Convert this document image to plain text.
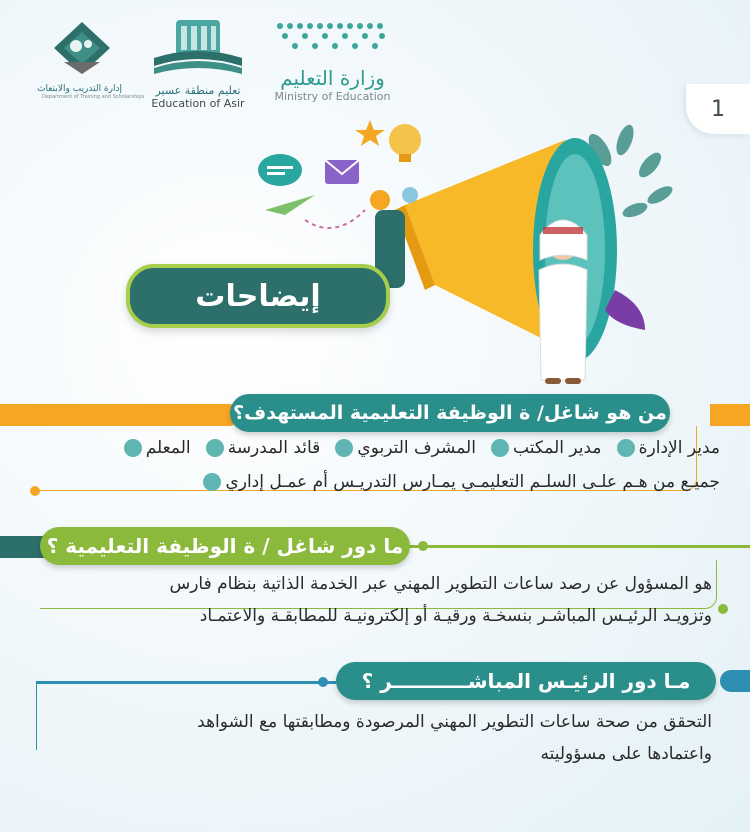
إدارة التدريب والابتعاث
Department of Training and Scholarships	تعليم منطقة عسير
Education of Asir
وزارة التعليم
Ministry of Education	1
إيضاحات
من هو شاغل/ ة الوظيفة التعليمية المستهدف؟
المعلم
قائد المدرسة
المشرف التربوي
مدير المكتب
مدير الإدارة
جميـع من هـم علـى السلـم التعليمـي يمـارس التدريـس أم عمـل إداري
ما دور شاغل / ة الوظيفة التعليمية ؟
هو المسؤول عن رصد ساعات التطوير المهني عبر الخدمة الذاتية بنظام فارس
وتزويـد الرئيـس المباشـر بنسخـة ورقيـة أو إلكترونيـة للمطابقـة والاعتمـاد
مـا دور الرئيـس المباشـــــــــــر ؟
التحقق من صحة ساعات التطوير المهني المرصودة ومطابقتها مع الشواهد
واعتمادها على مسؤوليته
